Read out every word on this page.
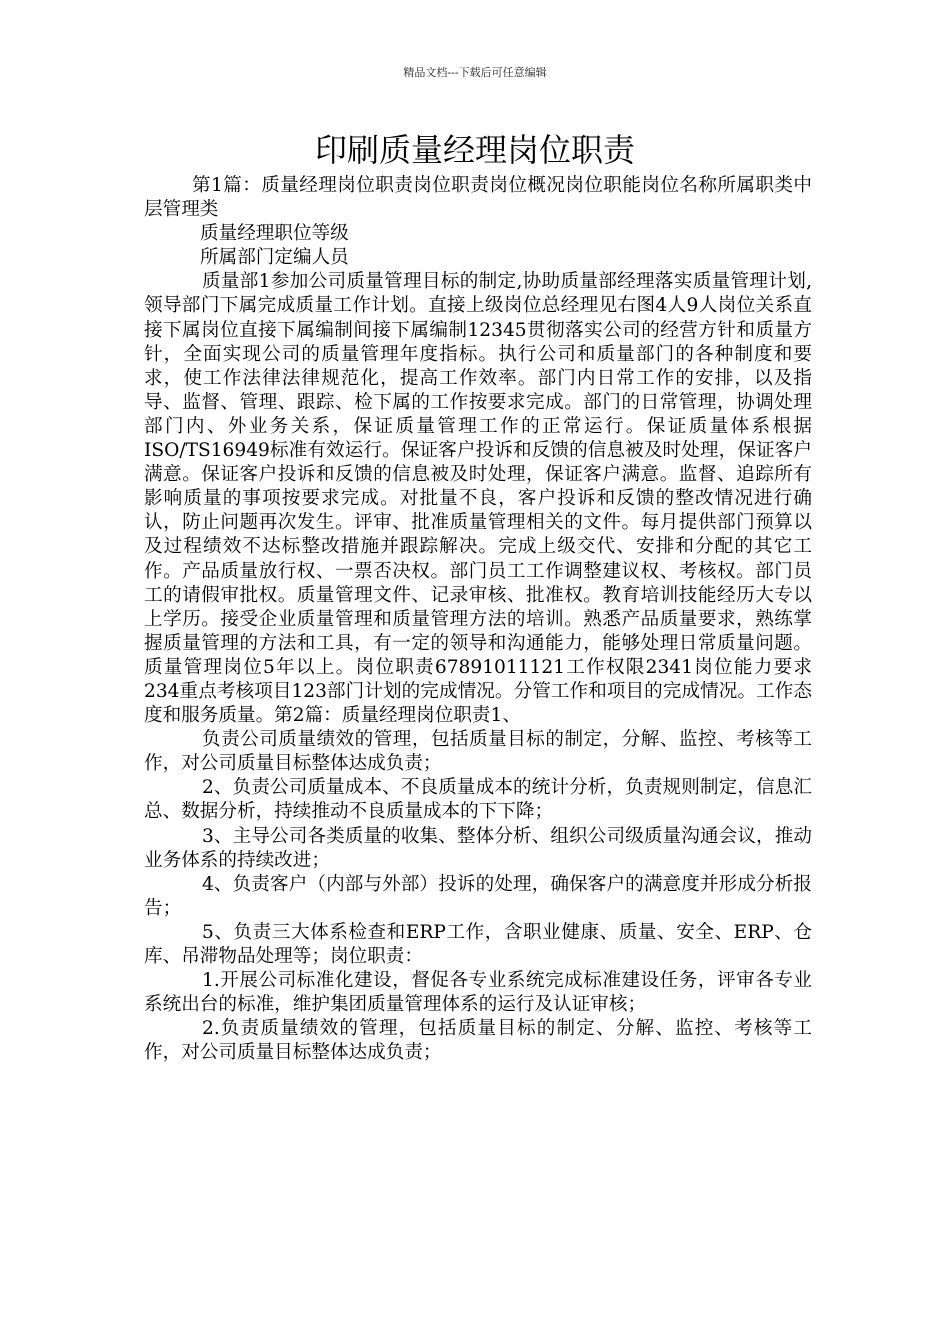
精品文档---下载后可任意编辑
印刷质量经理岗位职责

第1篇：质量经理岗位职责岗位职责岗位概况岗位职能岗位名称所属职类中层管理类

质量经理职位等级

所属部门定编人员

质量部1参加公司质量管理目标的制定,协助质量部经理落实质量管理计划,领导部门下属完成质量工作计划。直接上级岗位总经理见右图4人9人岗位关系直接下属岗位直接下属编制间接下属编制12345贯彻落实公司的经营方针和质量方针，全面实现公司的质量管理年度指标。执行公司和质量部门的各种制度和要求，使工作法律法律规范化，提高工作效率。部门内日常工作的安排，以及指导、监督、管理、跟踪、检下属的工作按要求完成。部门的日常管理，协调处理部门内、外业务关系，保证质量管理工作的正常运行。保证质量体系根据ISO/TS16949标准有效运行。保证客户投诉和反馈的信息被及时处理，保证客户满意。保证客户投诉和反馈的信息被及时处理，保证客户满意。监督、追踪所有影响质量的事项按要求完成。对批量不良，客户投诉和反馈的整改情况进行确认，防止问题再次发生。评审、批准质量管理相关的文件。每月提供部门预算以及过程绩效不达标整改措施并跟踪解决。完成上级交代、安排和分配的其它工作。产品质量放行权、一票否决权。部门员工工作调整建议权、考核权。部门员工的请假审批权。质量管理文件、记录审核、批准权。教育培训技能经历大专以上学历。接受企业质量管理和质量管理方法的培训。熟悉产品质量要求，熟练掌握质量管理的方法和工具，有一定的领导和沟通能力，能够处理日常质量问题。质量管理岗位5年以上。岗位职责67891011121工作权限2341岗位能力要求234重点考核项目123部门计划的完成情况。分管工作和项目的完成情况。工作态度和服务质量。第2篇：质量经理岗位职责1、

负责公司质量绩效的管理，包括质量目标的制定，分解、监控、考核等工作，对公司质量目标整体达成负责；

2、负责公司质量成本、不良质量成本的统计分析，负责规则制定，信息汇总、数据分析，持续推动不良质量成本的下下降；

3、主导公司各类质量的收集、整体分析、组织公司级质量沟通会议，推动业务体系的持续改进；

4、负责客户（内部与外部）投诉的处理，确保客户的满意度并形成分析报告；

5、负责三大体系检查和ERP工作，含职业健康、质量、安全、ERP、仓库、吊滞物品处理等；岗位职责：

1.开展公司标准化建设，督促各专业系统完成标准建设任务，评审各专业系统出台的标准，维护集团质量管理体系的运行及认证审核；

2.负责质量绩效的管理，包括质量目标的制定、分解、监控、考核等工作，对公司质量目标整体达成负责；
